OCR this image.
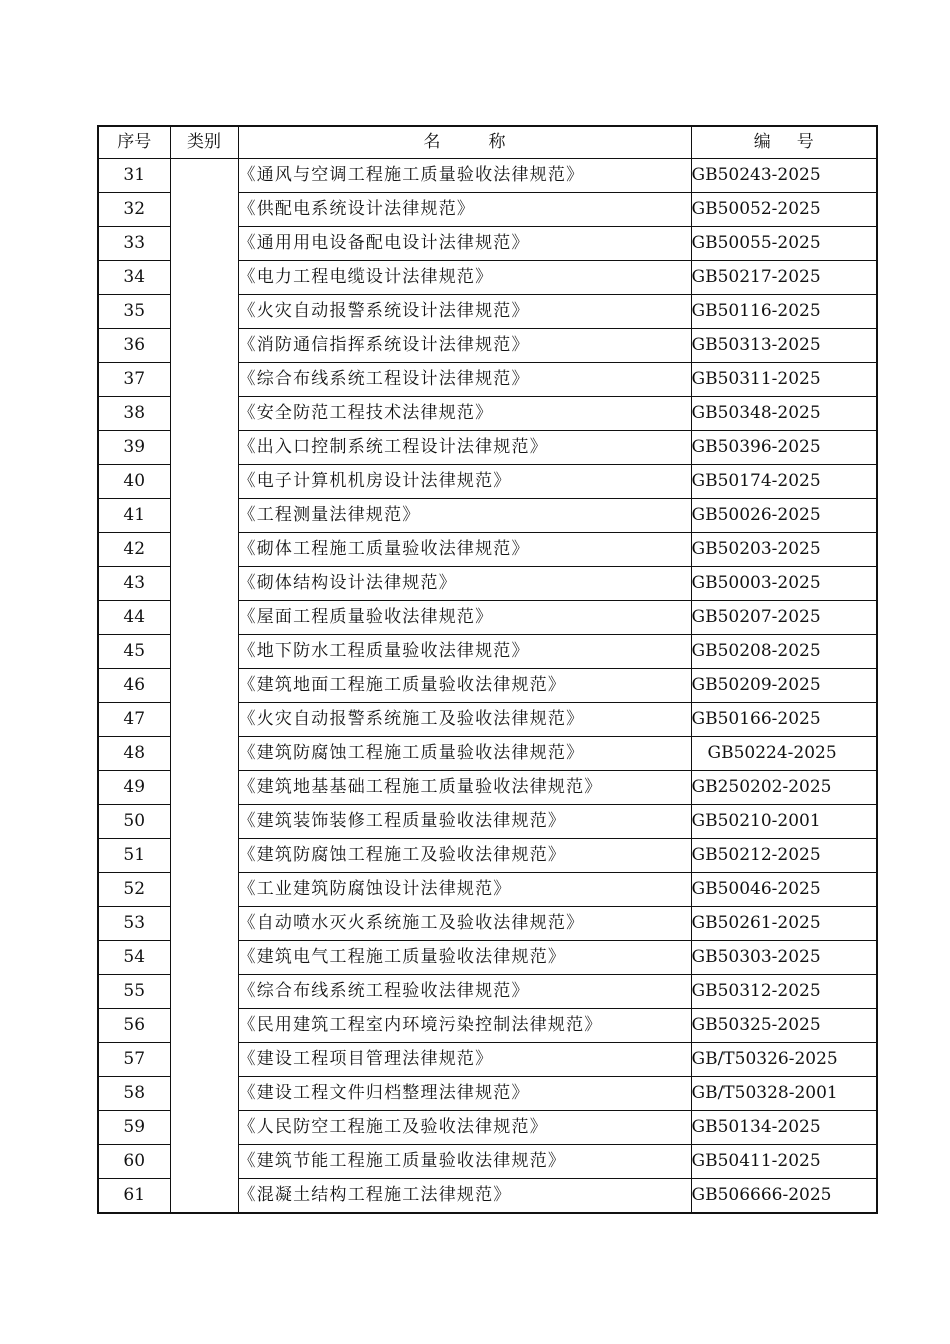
序号	类别	名 称	编 号
31		《通风与空调工程施工质量验收法律规范》	GB50243-2025
32		《供配电系统设计法律规范》	GB50052-2025
33		《通用用电设备配电设计法律规范》	GB50055-2025
34		《电力工程电缆设计法律规范》	GB50217-2025
35		《火灾自动报警系统设计法律规范》	GB50116-2025
36		《消防通信指挥系统设计法律规范》	GB50313-2025
37		《综合布线系统工程设计法律规范》	GB50311-2025
38		《安全防范工程技术法律规范》	GB50348-2025
39		《出入口控制系统工程设计法律规范》	GB50396-2025
40		《电子计算机机房设计法律规范》	GB50174-2025
41		《工程测量法律规范》	GB50026-2025
42		《砌体工程施工质量验收法律规范》	GB50203-2025
43		《砌体结构设计法律规范》	GB50003-2025
44		《屋面工程质量验收法律规范》	GB50207-2025
45		《地下防水工程质量验收法律规范》	GB50208-2025
46		《建筑地面工程施工质量验收法律规范》	GB50209-2025
47		《火灾自动报警系统施工及验收法律规范》	GB50166-2025
48		《建筑防腐蚀工程施工质量验收法律规范》	GB50224-2025
49		《建筑地基基础工程施工质量验收法律规范》	GB250202-2025
50		《建筑装饰装修工程质量验收法律规范》	GB50210-2001
51		《建筑防腐蚀工程施工及验收法律规范》	GB50212-2025
52		《工业建筑防腐蚀设计法律规范》	GB50046-2025
53		《自动喷水灭火系统施工及验收法律规范》	GB50261-2025
54		《建筑电气工程施工质量验收法律规范》	GB50303-2025
55		《综合布线系统工程验收法律规范》	GB50312-2025
56		《民用建筑工程室内环境污染控制法律规范》	GB50325-2025
57		《建设工程项目管理法律规范》	GB/T50326-2025
58		《建设工程文件归档整理法律规范》	GB/T50328-2001
59		《人民防空工程施工及验收法律规范》	GB50134-2025
60		《建筑节能工程施工质量验收法律规范》	GB50411-2025
61		《混凝土结构工程施工法律规范》	GB506666-2025
